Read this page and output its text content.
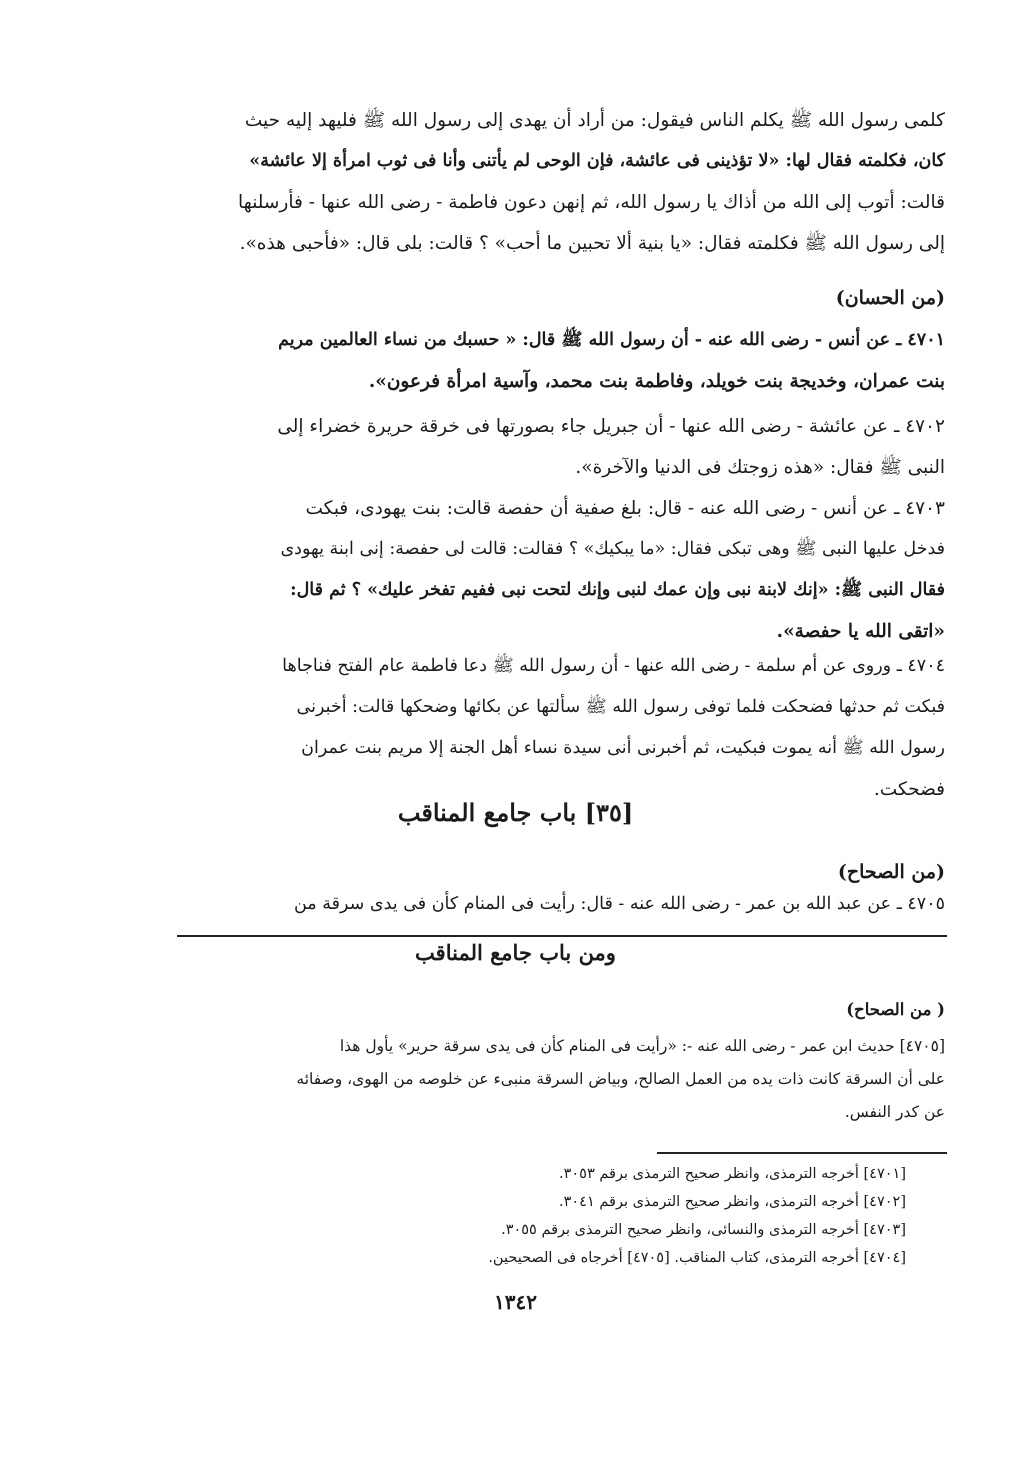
كلمى رسول الله ﷺ يكلم الناس فيقول: من أراد أن يهدى إلى رسول الله ﷺ فليهد إليه حيث
كان، فكلمته فقال لها: «لا تؤذينى فى عائشة، فإن الوحى لم يأتنى وأنا فى ثوب امرأة إلا عائشة»
قالت: أتوب إلى الله من أذاك يا رسول الله، ثم إنهن دعون فاطمة - رضى الله عنها - فأرسلنها
إلى رسول الله ﷺ فكلمته فقال: «يا بنية ألا تحبين ما أحب» ؟ قالت: بلى قال: «فأحبى هذه».
(من الحسان)
٤٧٠١ ـ عن أنس - رضى الله عنه - أن رسول الله ﷺ قال: « حسبك من نساء العالمين مريم
بنت عمران، وخديجة بنت خويلد، وفاطمة بنت محمد، وآسية امرأة فرعون».
٤٧٠٢ ـ عن عائشة - رضى الله عنها - أن جبريل جاء بصورتها فى خرقة حريرة خضراء إلى
النبى ﷺ فقال: «هذه زوجتك فى الدنيا والآخرة».
٤٧٠٣ ـ عن أنس - رضى الله عنه - قال: بلغ صفية أن حفصة قالت: بنت يهودى، فبكت
فدخل عليها النبى ﷺ وهى تبكى فقال: «ما يبكيك» ؟ فقالت: قالت لى حفصة: إنى ابنة يهودى
فقال النبى ﷺ: «إنك لابنة نبى وإن عمك لنبى وإنك لتحت نبى ففيم تفخر عليك» ؟ ثم قال:
«اتقى الله يا حفصة».
٤٧٠٤ ـ وروى عن أم سلمة - رضى الله عنها - أن رسول الله ﷺ دعا فاطمة عام الفتح فناجاها
فبكت ثم حدثها فضحكت فلما توفى رسول الله ﷺ سألتها عن بكائها وضحكها قالت: أخبرنى
رسول الله ﷺ أنه يموت فبكيت، ثم أخبرنى أنى سيدة نساء أهل الجنة إلا مريم بنت عمران
فضحكت.
[٣٥] باب جامع المناقب
(من الصحاح)
٤٧٠٥ ـ عن عبد الله بن عمر - رضى الله عنه - قال: رأيت فى المنام كأن فى يدى سرقة من
ومن باب جامع المناقب
( من الصحاح)
[٤٧٠٥] حديث ابن عمر - رضى الله عنه -: «رأيت فى المنام كأن فى يدى سرقة حرير» يأول هذا
على أن السرقة كانت ذات يده من العمل الصالح، وبياض السرقة منبىء عن خلوصه من الهوى، وصفائه
عن كدر النفس.
[٤٧٠١] أخرجه الترمذى، وانظر صحيح الترمذى برقم ٣٠٥٣.
[٤٧٠٢] أخرجه الترمذى، وانظر صحيح الترمذى برقم ٣٠٤١.
[٤٧٠٣] أخرجه الترمذى والنسائى، وانظر صحيح الترمذى برقم ٣٠٥٥.
[٤٧٠٤] أخرجه الترمذى، كتاب المناقب. [٤٧٠٥] أخرجاه فى الصحيحين.
١٣٤٢
